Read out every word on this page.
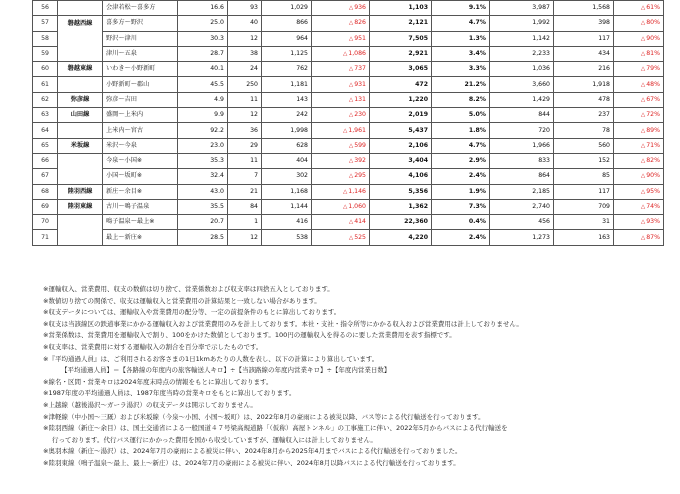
56		会津若松～喜多方	16.6	93	1,029	△936	1,103	9.1%	3,987	1,568	△61%
57	磐越西線	喜多方～野沢	25.0	40	866	△826	2,121	4.7%	1,992	398	△80%
58		野沢～津川	30.3	12	964	△951	7,505	1.3%	1,142	117	△90%
59		津川～五泉	28.7	38	1,125	△1,086	2,921	3.4%	2,233	434	△81%
60	磐越東線	いわき～小野新町	40.1	24	762	△737	3,065	3.3%	1,036	216	△79%
61		小野新町～郡山	45.5	250	1,181	△931	472	21.2%	3,660	1,918	△48%
62	弥彦線	弥彦～吉田	4.9	11	143	△131	1,220	8.2%	1,429	478	△67%
63	山田線	盛岡～上米内	9.9	12	242	△230	2,019	5.0%	844	237	△72%
64		上米内～宮古	92.2	36	1,998	△1,961	5,437	1.8%	720	78	△89%
65	米坂線	米沢～今泉	23.0	29	628	△599	2,106	4.7%	1,966	560	△71%
66		今泉～小国※	35.3	11	404	△392	3,404	2.9%	833	152	△82%
67		小国～坂町※	32.4	7	302	△295	4,106	2.4%	864	85	△90%
68	陸羽西線	新庄～余目※	43.0	21	1,168	△1,146	5,356	1.9%	2,185	117	△95%
69	陸羽東線	古川～鳴子温泉	35.5	84	1,144	△1,060	1,362	7.3%	2,740	709	△74%
70		鳴子温泉～最上※	20.7	1	416	△414	22,360	0.4%	456	31	△93%
71		最上～新庄※	28.5	12	538	△525	4,220	2.4%	1,273	163	△87%
※運輸収入、営業費用、収支の数値は切り捨て、営業係数および収支率は四捨五入としております。
※数値切り捨ての関係で、収支は運輸収入と営業費用の計算結果と一致しない場合があります。
※収支データについては、運輸収入や営業費用の配分等、一定の前提条件のもとに算出しております。
※収支は当該線区の鉄道事業にかかる運輸収入および営業費用のみを計上しております。本社・支社・指令所等にかかる収入および営業費用は計上しておりません。
※営業係数は、営業費用を運輸収入で割り、100をかけた数値としております。100円の運輸収入を得るのに要した営業費用を表す指標です。
※収支率は、営業費用に対する運輸収入の割合を百分率で示したものです。
※『平均通過人員』は、ご利用されるお客さまの1日1kmあたりの人数を表し、以下の計算により算出しています。
【平均通過人員】＝【各路線の年度内の旅客輸送人キロ】÷【当該路線の年度内営業キロ】÷【年度内営業日数】
※線名・区間・営業キロは2024年度末時点の情報をもとに算出しております。
※1987年度の平均通過人員は、1987年度当時の営業キロをもとに算出しております。
※上越線（越後湯沢～ガーラ湯沢）の収支データは開示しておりません。
※津軽線（中小国～三厩）および米坂線（今泉～小国、小国～坂町）は、2022年8月の豪雨による被災以降、バス等による代行輸送を行っております。
※陸羽西線（新庄～余目）は、国土交通省による一般国道４７号梁高規道路「（仮称）高屋トンネル」の工事施工に伴い、2022年5月からバスによる代行輸送を
行っております。代行バス運行にかかった費用を国から収受していますが、運輸収入には計上しておりません。
※奥羽本線（新庄～湯沢）は、2024年7月の豪雨による被災に伴い、2024年8月から2025年4月までバスによる代行輸送を行っておりました。
※陸羽東線（鳴子温泉～最上、最上～新庄）は、2024年7月の豪雨による被災に伴い、2024年8月以降バスによる代行輸送を行っております。
